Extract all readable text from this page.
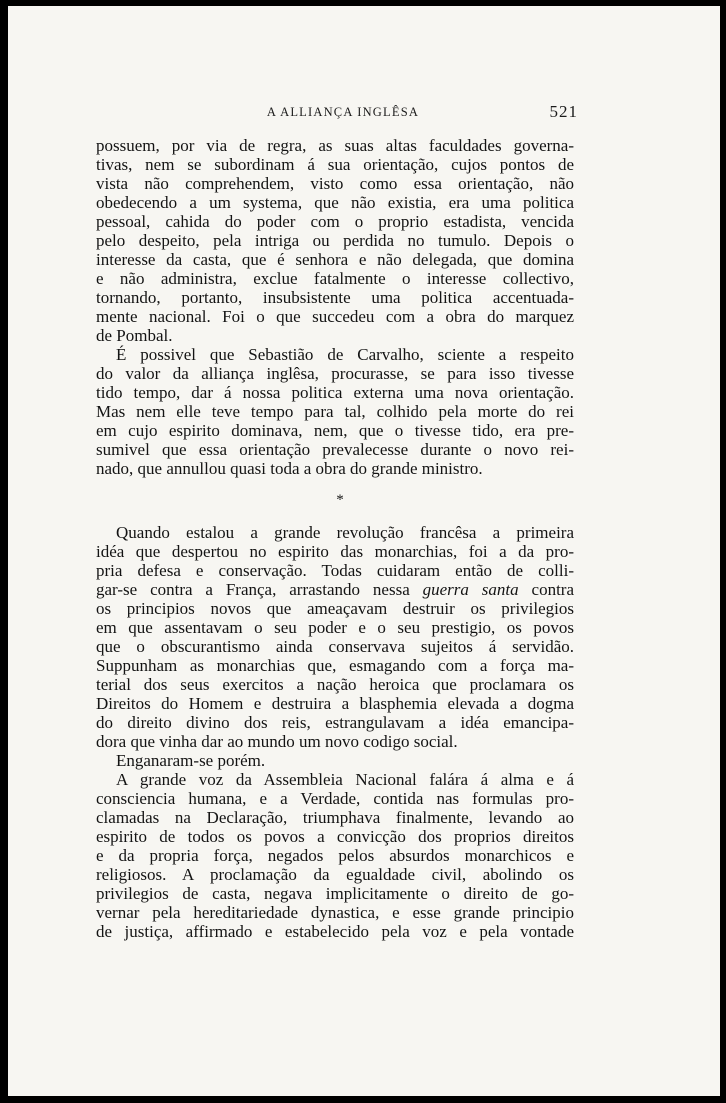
A ALLIANÇA INGLÊSA	521
possuem, por via de regra, as suas altas faculdades governa-
tivas, nem se subordinam á sua orientação, cujos pontos de
vista não comprehendem, visto como essa orientação, não
obedecendo a um systema, que não existia, era uma politica
pessoal, cahida do poder com o proprio estadista, vencida
pelo despeito, pela intriga ou perdida no tumulo. Depois o
interesse da casta, que é senhora e não delegada, que domina
e não administra, exclue fatalmente o interesse collectivo,
tornando, portanto, insubsistente uma politica accentuada-
mente nacional. Foi o que succedeu com a obra do marquez
de Pombal.
É possivel que Sebastião de Carvalho, sciente a respeito
do valor da alliança inglêsa, procurasse, se para isso tivesse
tido tempo, dar á nossa politica externa uma nova orientação.
Mas nem elle teve tempo para tal, colhido pela morte do rei
em cujo espirito dominava, nem, que o tivesse tido, era pre-
sumivel que essa orientação prevalecesse durante o novo rei-
nado, que annullou quasi toda a obra do grande ministro.
*
Quando estalou a grande revolução francêsa a primeira
idéa que despertou no espirito das monarchias, foi a da pro-
pria defesa e conservação. Todas cuidaram então de colli-
gar-se contra a França, arrastando nessa guerra santa contra
os principios novos que ameaçavam destruir os privilegios
em que assentavam o seu poder e o seu prestigio, os povos
que o obscurantismo ainda conservava sujeitos á servidão.
Suppunham as monarchias que, esmagando com a força ma-
terial dos seus exercitos a nação heroica que proclamara os
Direitos do Homem e destruira a blasphemia elevada a dogma
do direito divino dos reis, estrangulavam a idéa emancipa-
dora que vinha dar ao mundo um novo codigo social.
Enganaram-se porém.
A grande voz da Assembleia Nacional falára á alma e á
consciencia humana, e a Verdade, contida nas formulas pro-
clamadas na Declaração, triumphava finalmente, levando ao
espirito de todos os povos a convicção dos proprios direitos
e da propria força, negados pelos absurdos monarchicos e
religiosos. A proclamação da egualdade civil, abolindo os
privilegios de casta, negava implicitamente o direito de go-
vernar pela hereditariedade dynastica, e esse grande principio
de justiça, affirmado e estabelecido pela voz e pela vontade
